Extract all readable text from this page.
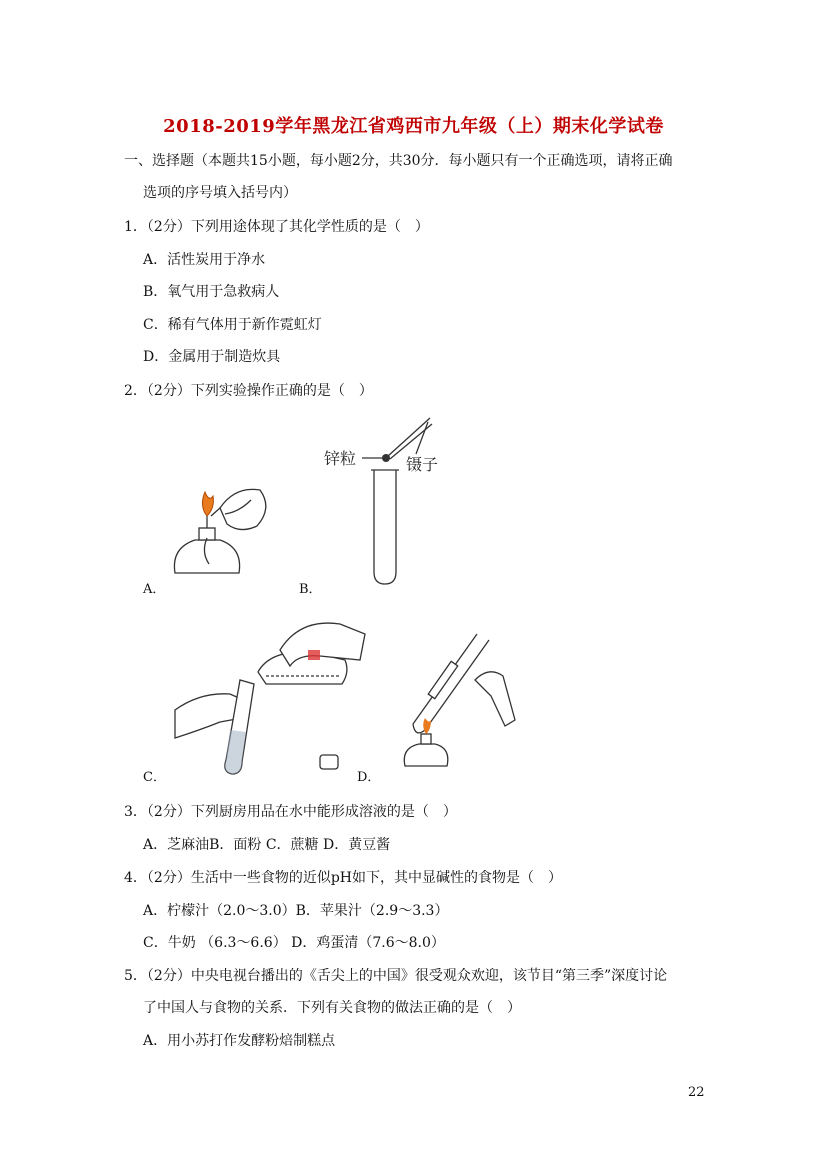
2018-2019学年黑龙江省鸡西市九年级（上）期末化学试卷
一、选择题（本题共15小题，每小题2分，共30分．每小题只有一个正确选项，请将正确
选项的序号填入括号内）
1．（2分）下列用途体现了其化学性质的是（　）
A．活性炭用于净水
B．氧气用于急救病人
C．稀有气体用于新作霓虹灯
D．金属用于制造炊具
2．（2分）下列实验操作正确的是（　）
A．
锌粒	镊子
B．
C．	D．
3．（2分）下列厨房用品在水中能形成溶液的是（　）
A．芝麻油B．面粉 C．蔗糖 D．黄豆酱
4．（2分）生活中一些食物的近似pH如下，其中显碱性的食物是（　）
A．柠檬汁（2.0～3.0）B．苹果汁（2.9～3.3）
C．牛奶 （6.3～6.6） D．鸡蛋清（7.6～8.0）
5．（2分）中央电视台播出的《舌尖上的中国》很受观众欢迎，该节目“第三季”深度讨论
了中国人与食物的关系．下列有关食物的做法正确的是（　）
A．用小苏打作发酵粉焙制糕点
22
